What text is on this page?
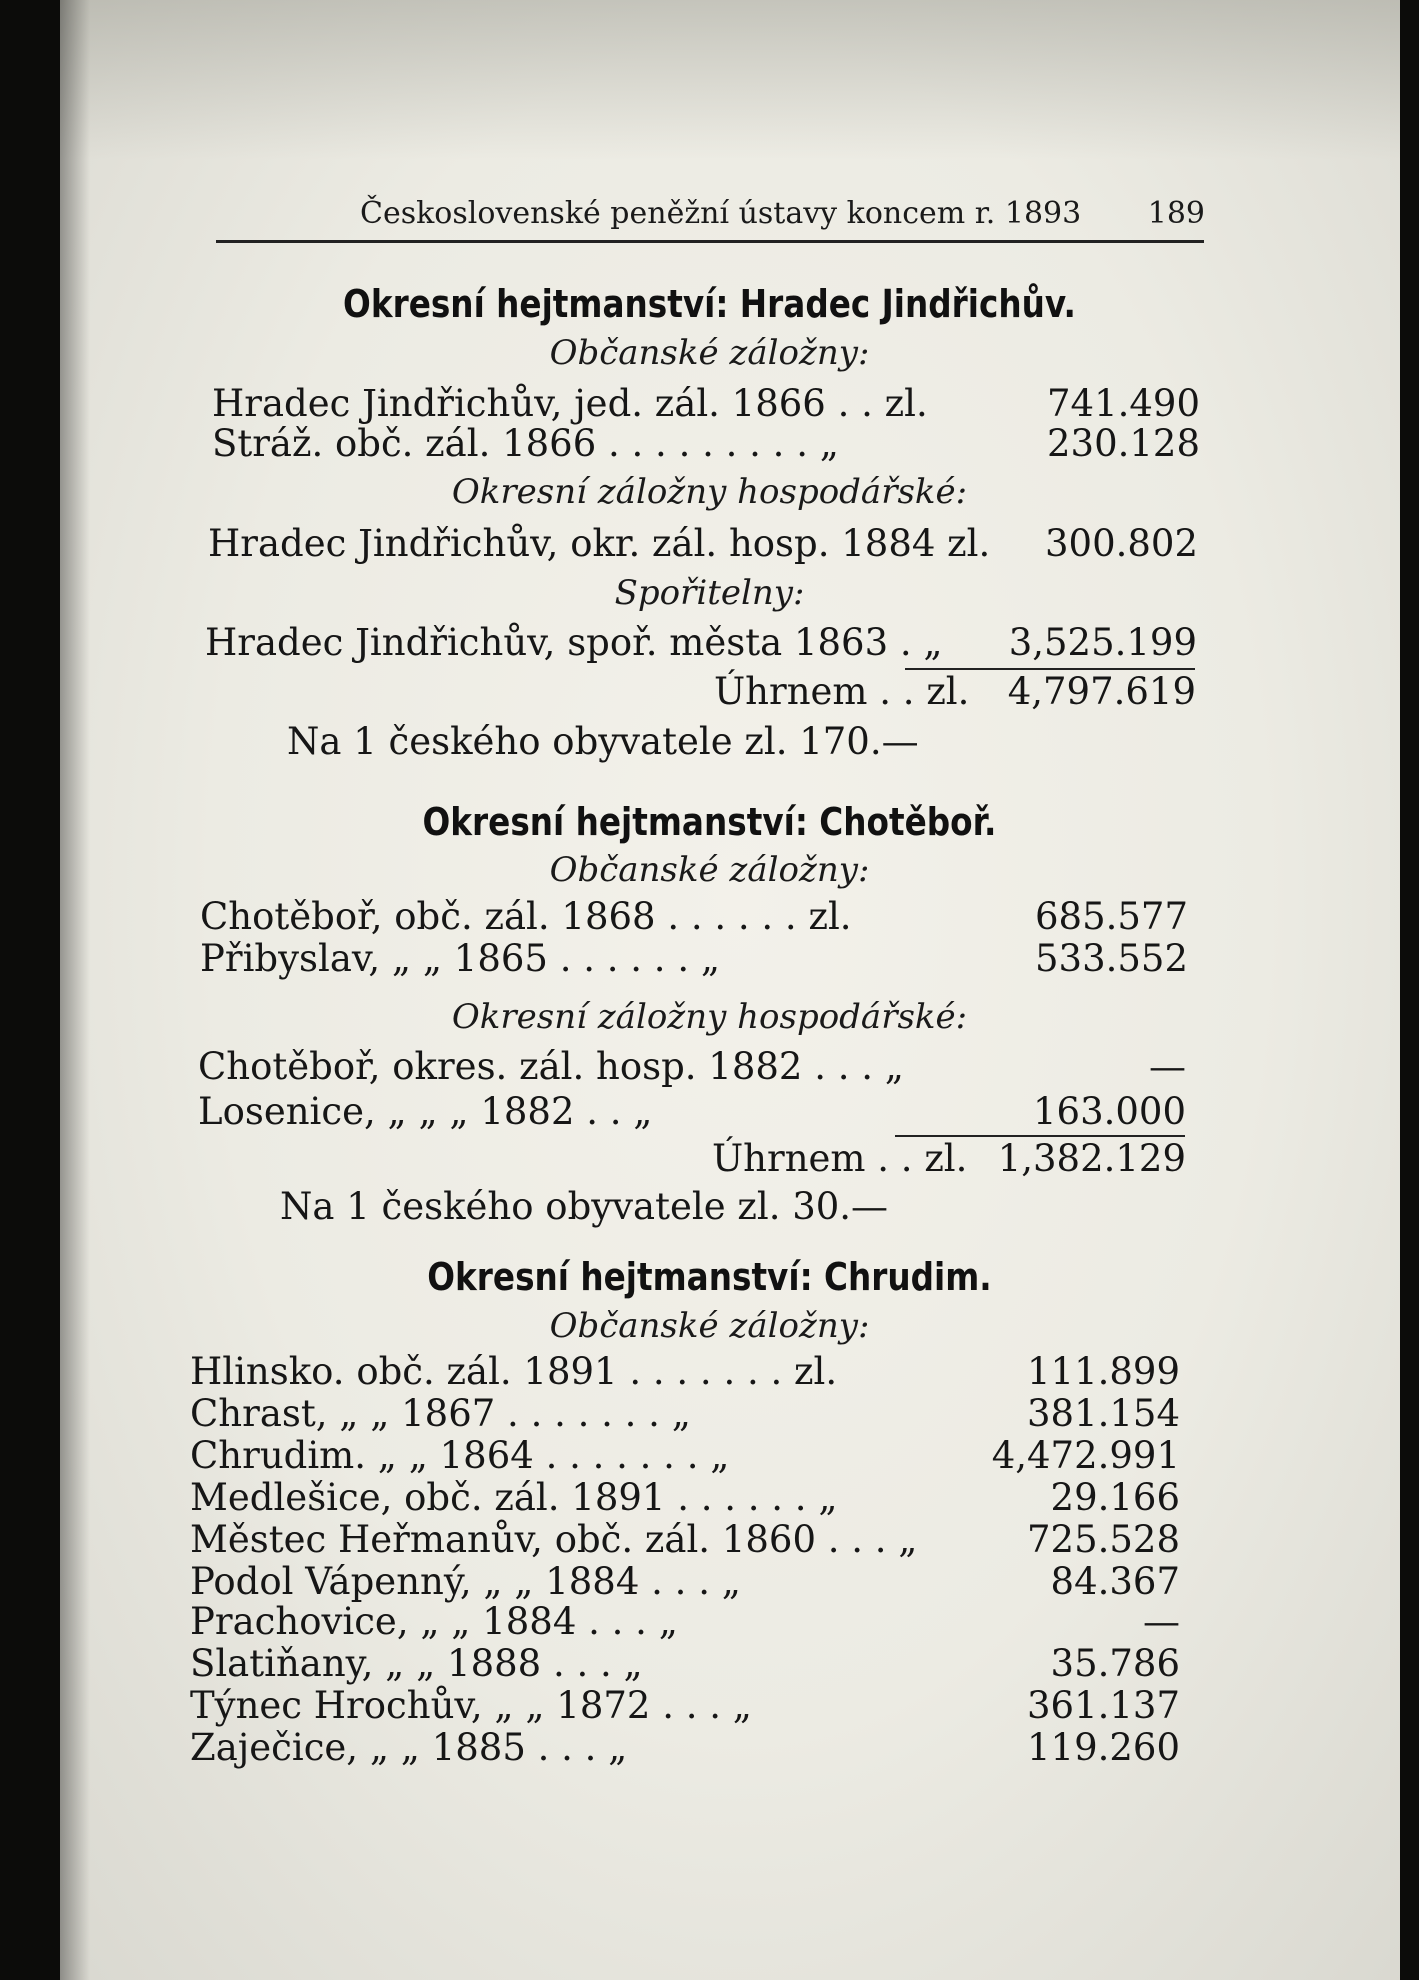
Československé peněžní ústavy koncem r. 1893 189
Okresní hejtmanství: Hradec Jindřichův.
Občanské záložny:
Hradec Jindřichův, jed. zál. 1866 . . zl.	741.490
Stráž. obč. zál. 1866 . . . . . . . . . „	230.128
Okresní záložny hospodářské:
Hradec Jindřichův, okr. zál. hosp. 1884 zl.	300.802
Spořitelny:
Hradec Jindřichův, spoř. města 1863 . „	3,525.199
Úhrnem . . zl.	4,797.619
Na 1 českého obyvatele zl. 170.—
Okresní hejtmanství: Chotěboř.
Občanské záložny:
Chotěboř, obč. zál. 1868 . . . . . . zl.	685.577
Přibyslav, „ „ 1865 . . . . . . „	533.552
Okresní záložny hospodářské:
Chotěboř, okres. zál. hosp. 1882 . . . „	—
Losenice, „ „ „ 1882 . . „	163.000
Úhrnem . . zl. 1,382.129
Na 1 českého obyvatele zl. 30.—
Okresní hejtmanství: Chrudim.
Občanské záložny:
Hlinsko. obč. zál. 1891 . . . . . . . zl.	111.899
Chrast, „ „ 1867 . . . . . . . „	381.154
Chrudim. „ „ 1864 . . . . . . . „	4,472.991
Medlešice, obč. zál. 1891 . . . . . . „	29.166
Městec Heřmanův, obč. zál. 1860 . . . „	725.528
Podol Vápenný, „ „ 1884 . . . „	84.367
Prachovice, „ „ 1884 . . . „	—
Slatiňany, „ „ 1888 . . . „	35.786
Týnec Hrochův, „ „ 1872 . . . „	361.137
Zaječice, „ „ 1885 . . . „	119.260
